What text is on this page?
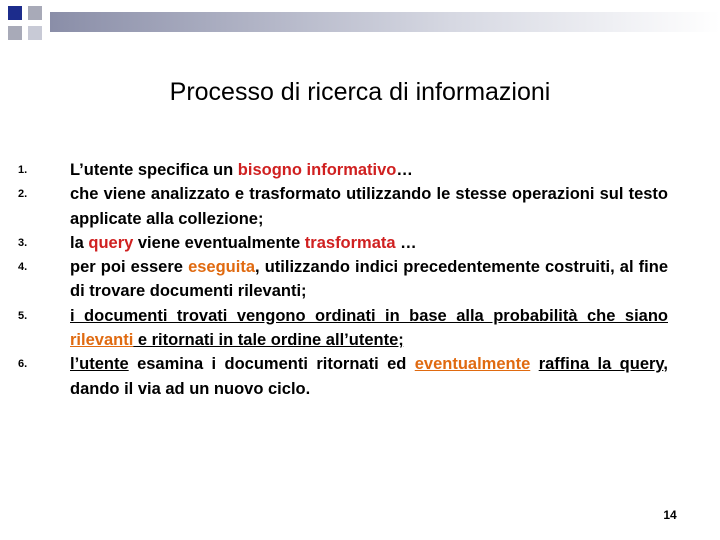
Processo di ricerca di informazioni
1.	L’utente specifica un bisogno informativo…
2.	che viene analizzato e trasformato utilizzando le stesse operazioni sul testo applicate alla collezione;
3.	la query viene eventualmente trasformata …
4.	per poi essere eseguita, utilizzando indici precedentemente costruiti, al fine di trovare documenti rilevanti;
5.	i documenti trovati vengono ordinati in base alla probabilità che siano rilevanti e ritornati in tale ordine all’utente;
6.	l’utente esamina i documenti ritornati ed eventualmente raffina la query, dando il via ad un nuovo ciclo.
14
